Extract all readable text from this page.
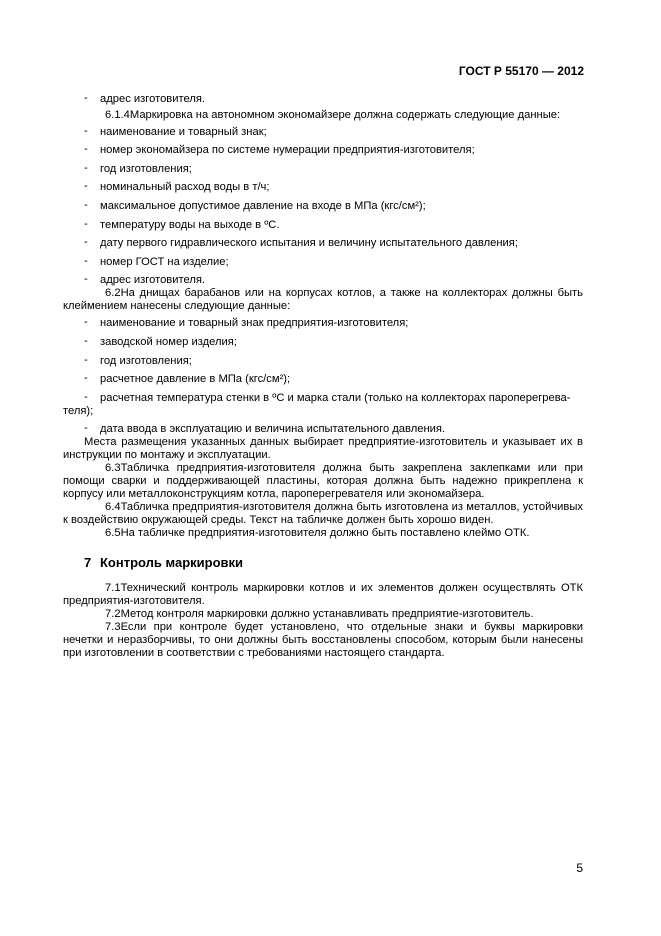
ГОСТ Р 55170 — 2012
- адрес изготовителя.

6.1.4Маркировка на автономном экономайзере должна содержать следующие данные:

- наименование и товарный знак;
- номер экономайзера по системе нумерации предприятия-изготовителя;
- год изготовления;
- номинальный расход воды в т/ч;
- максимальное допустимое давление на входе в МПа (кгс/см²);
- температуру воды на выходе в ºС.
- дату первого гидравлического испытания и величину испытательного давления;
- номер ГОСТ на изделие;
- адрес изготовителя.

6.2На днищах барабанов или на корпусах котлов, а также на коллекторах должны быть клеймением нанесены следующие данные:

- наименование и товарный знак предприятия-изготовителя;
- заводской номер изделия;
- год изготовления;
- расчетное давление в МПа (кгс/см²);
- расчетная температура стенки в ºС и марка стали (только на коллекторах пароперегрева-
теля);
- дата ввода в эксплуатацию и величина испытательного давления.

Места размещения указанных данных выбирает предприятие-изготовитель и указывает их в инструкции по монтажу и эксплуатации.

6.3Табличка предприятия-изготовителя должна быть закреплена заклепками или при помощи сварки и поддерживающей пластины, которая должна быть надежно прикреплена к корпусу или металлоконструкциям котла, пароперегревателя или экономайзера.

6.4Табличка предприятия-изготовителя должна быть изготовлена из металлов, устойчивых к воздействию окружающей среды. Текст на табличке должен быть хорошо виден.

6.5На табличке предприятия-изготовителя должно быть поставлено клеймо ОТК.

7 Контроль маркировки

7.1Технический контроль маркировки котлов и их элементов должен осуществлять ОТК предприятия-изготовителя.

7.2Метод контроля маркировки должно устанавливать предприятие-изготовитель.

7.3Если при контроле будет установлено, что отдельные знаки и буквы маркировки нечетки и неразборчивы, то они должны быть восстановлены способом, которым были нанесены при изготовлении в соответствии с требованиями настоящего стандарта.

5
